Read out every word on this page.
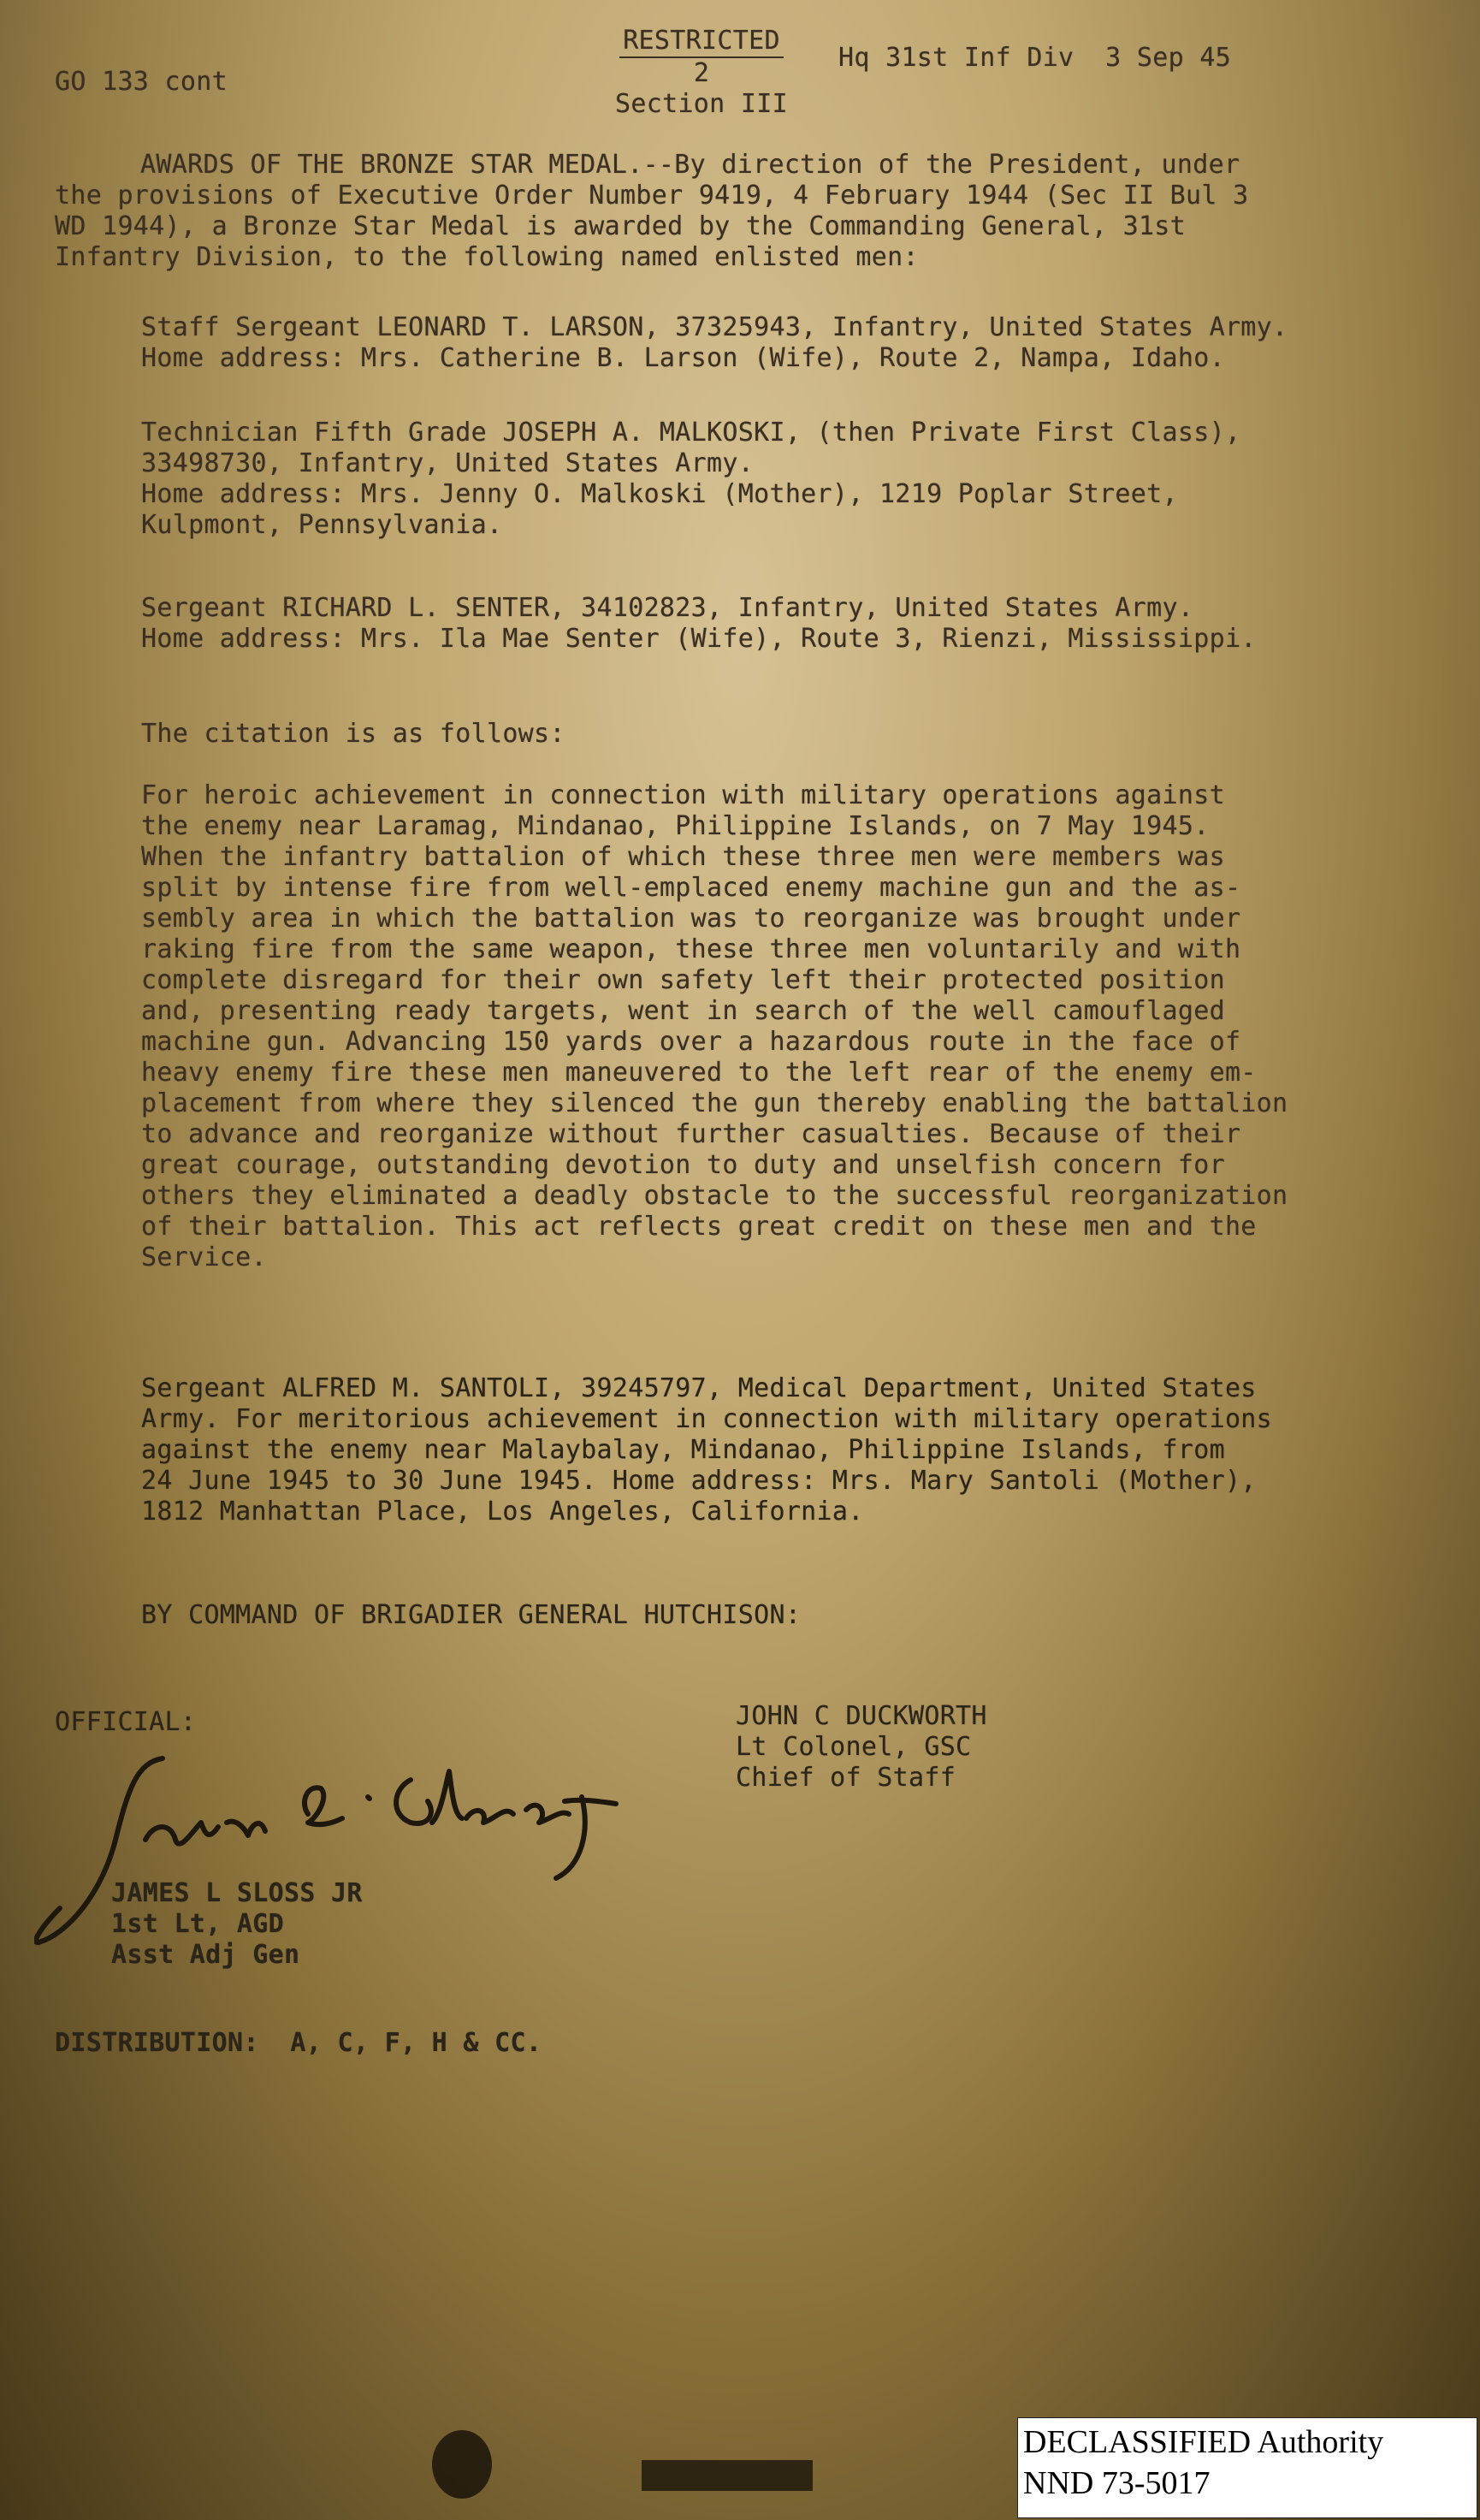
GO 133 cont
RESTRICTED
2
Section III
Hq 31st Inf Div  3 Sep 45
AWARDS OF THE BRONZE STAR MEDAL.--By direction of the President, under
the provisions of Executive Order Number 9419, 4 February 1944 (Sec II Bul 3
WD 1944), a Bronze Star Medal is awarded by the Commanding General, 31st
Infantry Division, to the following named enlisted men:
Staff Sergeant LEONARD T. LARSON, 37325943, Infantry, United States Army.
Home address: Mrs. Catherine B. Larson (Wife), Route 2, Nampa, Idaho.
Technician Fifth Grade JOSEPH A. MALKOSKI, (then Private First Class),
33498730, Infantry, United States Army.
Home address: Mrs. Jenny O. Malkoski (Mother), 1219 Poplar Street,
Kulpmont, Pennsylvania.
Sergeant RICHARD L. SENTER, 34102823, Infantry, United States Army.
Home address: Mrs. Ila Mae Senter (Wife), Route 3, Rienzi, Mississippi.
The citation is as follows:
For heroic achievement in connection with military operations against
the enemy near Laramag, Mindanao, Philippine Islands, on 7 May 1945.
When the infantry battalion of which these three men were members was
split by intense fire from well-emplaced enemy machine gun and the as-
sembly area in which the battalion was to reorganize was brought under
raking fire from the same weapon, these three men voluntarily and with
complete disregard for their own safety left their protected position
and, presenting ready targets, went in search of the well camouflaged
machine gun. Advancing 150 yards over a hazardous route in the face of
heavy enemy fire these men maneuvered to the left rear of the enemy em-
placement from where they silenced the gun thereby enabling the battalion
to advance and reorganize without further casualties. Because of their
great courage, outstanding devotion to duty and unselfish concern for
others they eliminated a deadly obstacle to the successful reorganization
of their battalion. This act reflects great credit on these men and the
Service.
Sergeant ALFRED M. SANTOLI, 39245797, Medical Department, United States
Army. For meritorious achievement in connection with military operations
against the enemy near Malaybalay, Mindanao, Philippine Islands, from
24 June 1945 to 30 June 1945. Home address: Mrs. Mary Santoli (Mother),
1812 Manhattan Place, Los Angeles, California.
BY COMMAND OF BRIGADIER GENERAL HUTCHISON:
OFFICIAL:	JOHN C DUCKWORTH
Lt Colonel, GSC
Chief of Staff
JAMES L SLOSS JR
1st Lt, AGD
Asst Adj Gen
DISTRIBUTION:  A, C, F, H & CC.
DECLASSIFIED Authority
NND 73-5017
